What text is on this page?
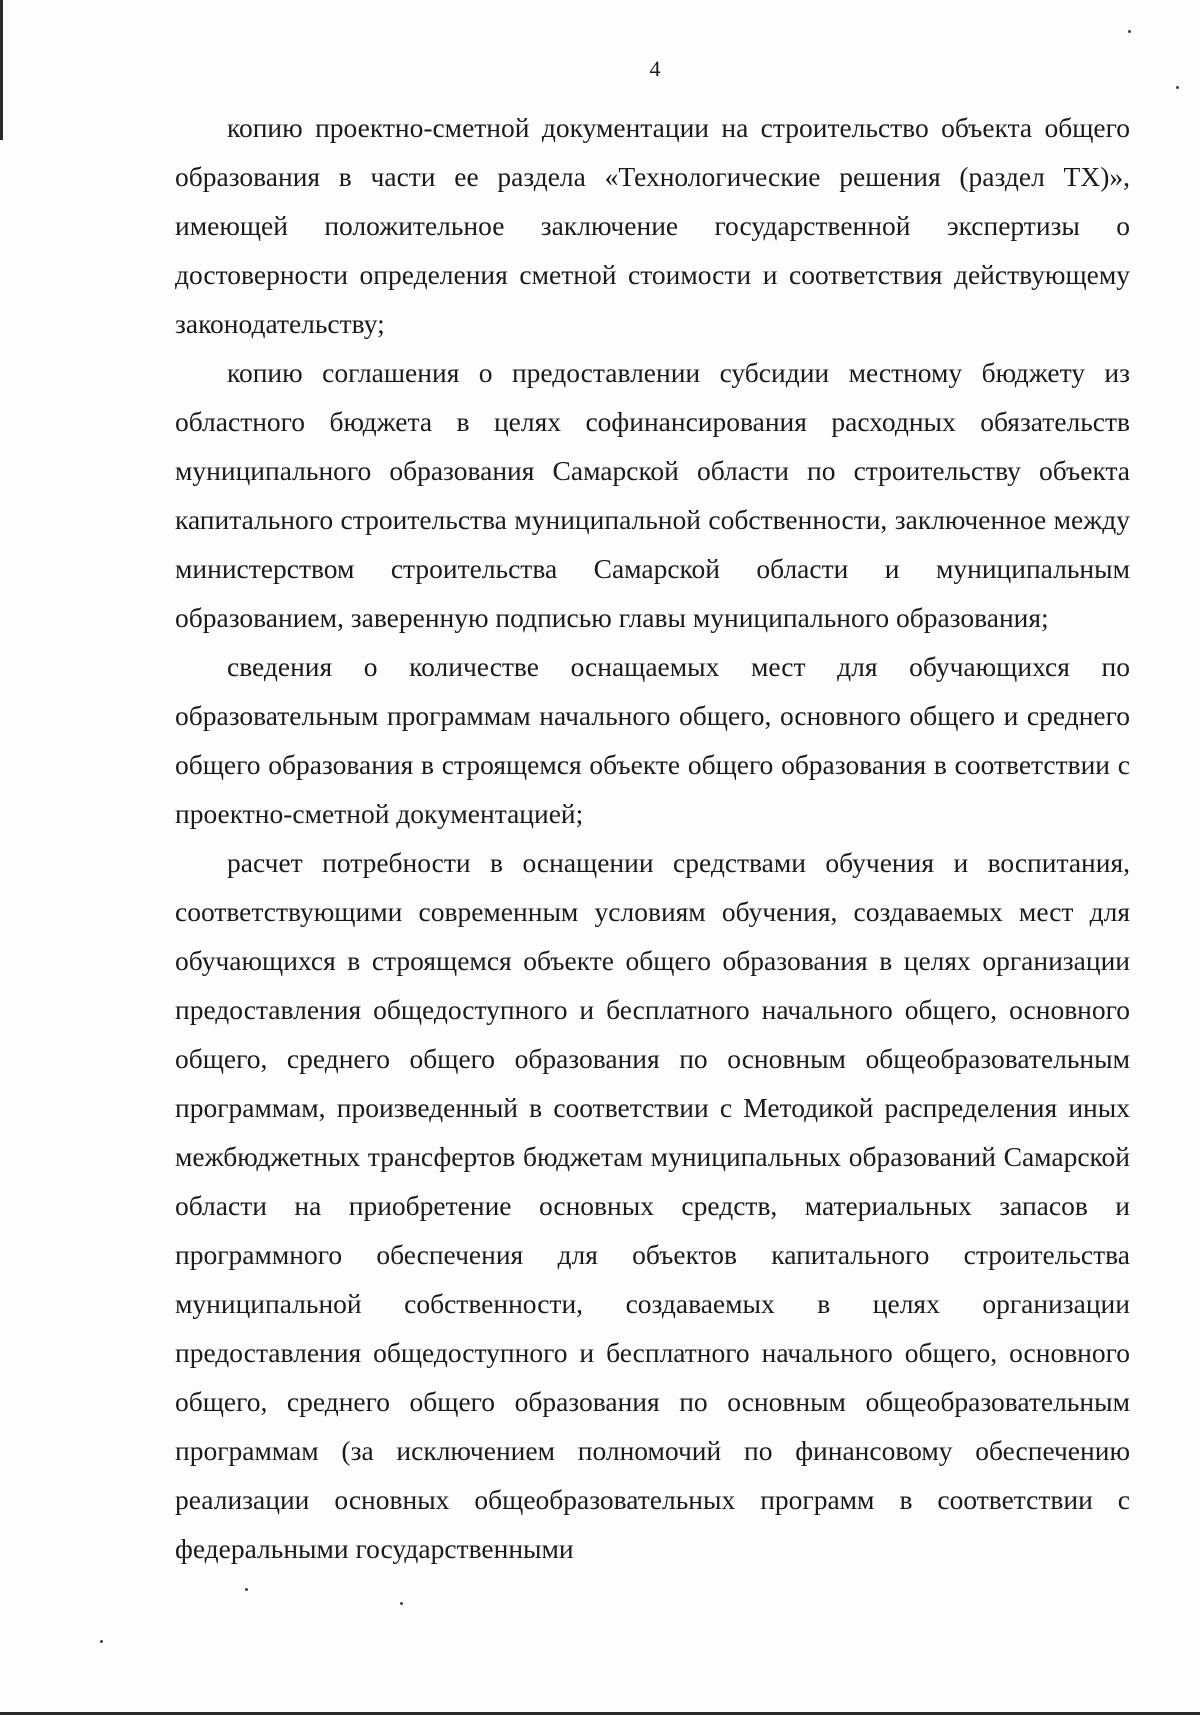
4

копию проектно-сметной документации на строительство объекта общего образования в части ее раздела «Технологические решения (раздел ТХ)», имеющей положительное заключение государственной экспертизы о достоверности определения сметной стоимости и соответствия действующему законодательству;

копию соглашения о предоставлении субсидии местному бюджету из областного бюджета в целях софинансирования расходных обязательств муниципального образования Самарской области по строительству объекта капитального строительства муниципальной собственности, заключенное между министерством строительства Самарской области и муниципальным образованием, заверенную подписью главы муниципального образования;

сведения о количестве оснащаемых мест для обучающихся по образовательным программам начального общего, основного общего и среднего общего образования в строящемся объекте общего образования в соответствии с проектно-сметной документацией;

расчет потребности в оснащении средствами обучения и воспитания, соответствующими современным условиям обучения, создаваемых мест для обучающихся в строящемся объекте общего образования в целях организации предоставления общедоступного и бесплатного начального общего, основного общего, среднего общего образования по основным общеобразовательным программам, произведенный в соответствии с Методикой распределения иных межбюджетных трансфертов бюджетам муниципальных образований Самарской области на приобретение основных средств, материальных запасов и программного обеспечения для объектов капитального строительства муниципальной собственности, создаваемых в целях организации предоставления общедоступного и бесплатного начального общего, основного общего, среднего общего образования по основным общеобразовательным программам (за исключением полномочий по финансовому обеспечению реализации основных общеобразовательных программ в соответствии с федеральными государственными
